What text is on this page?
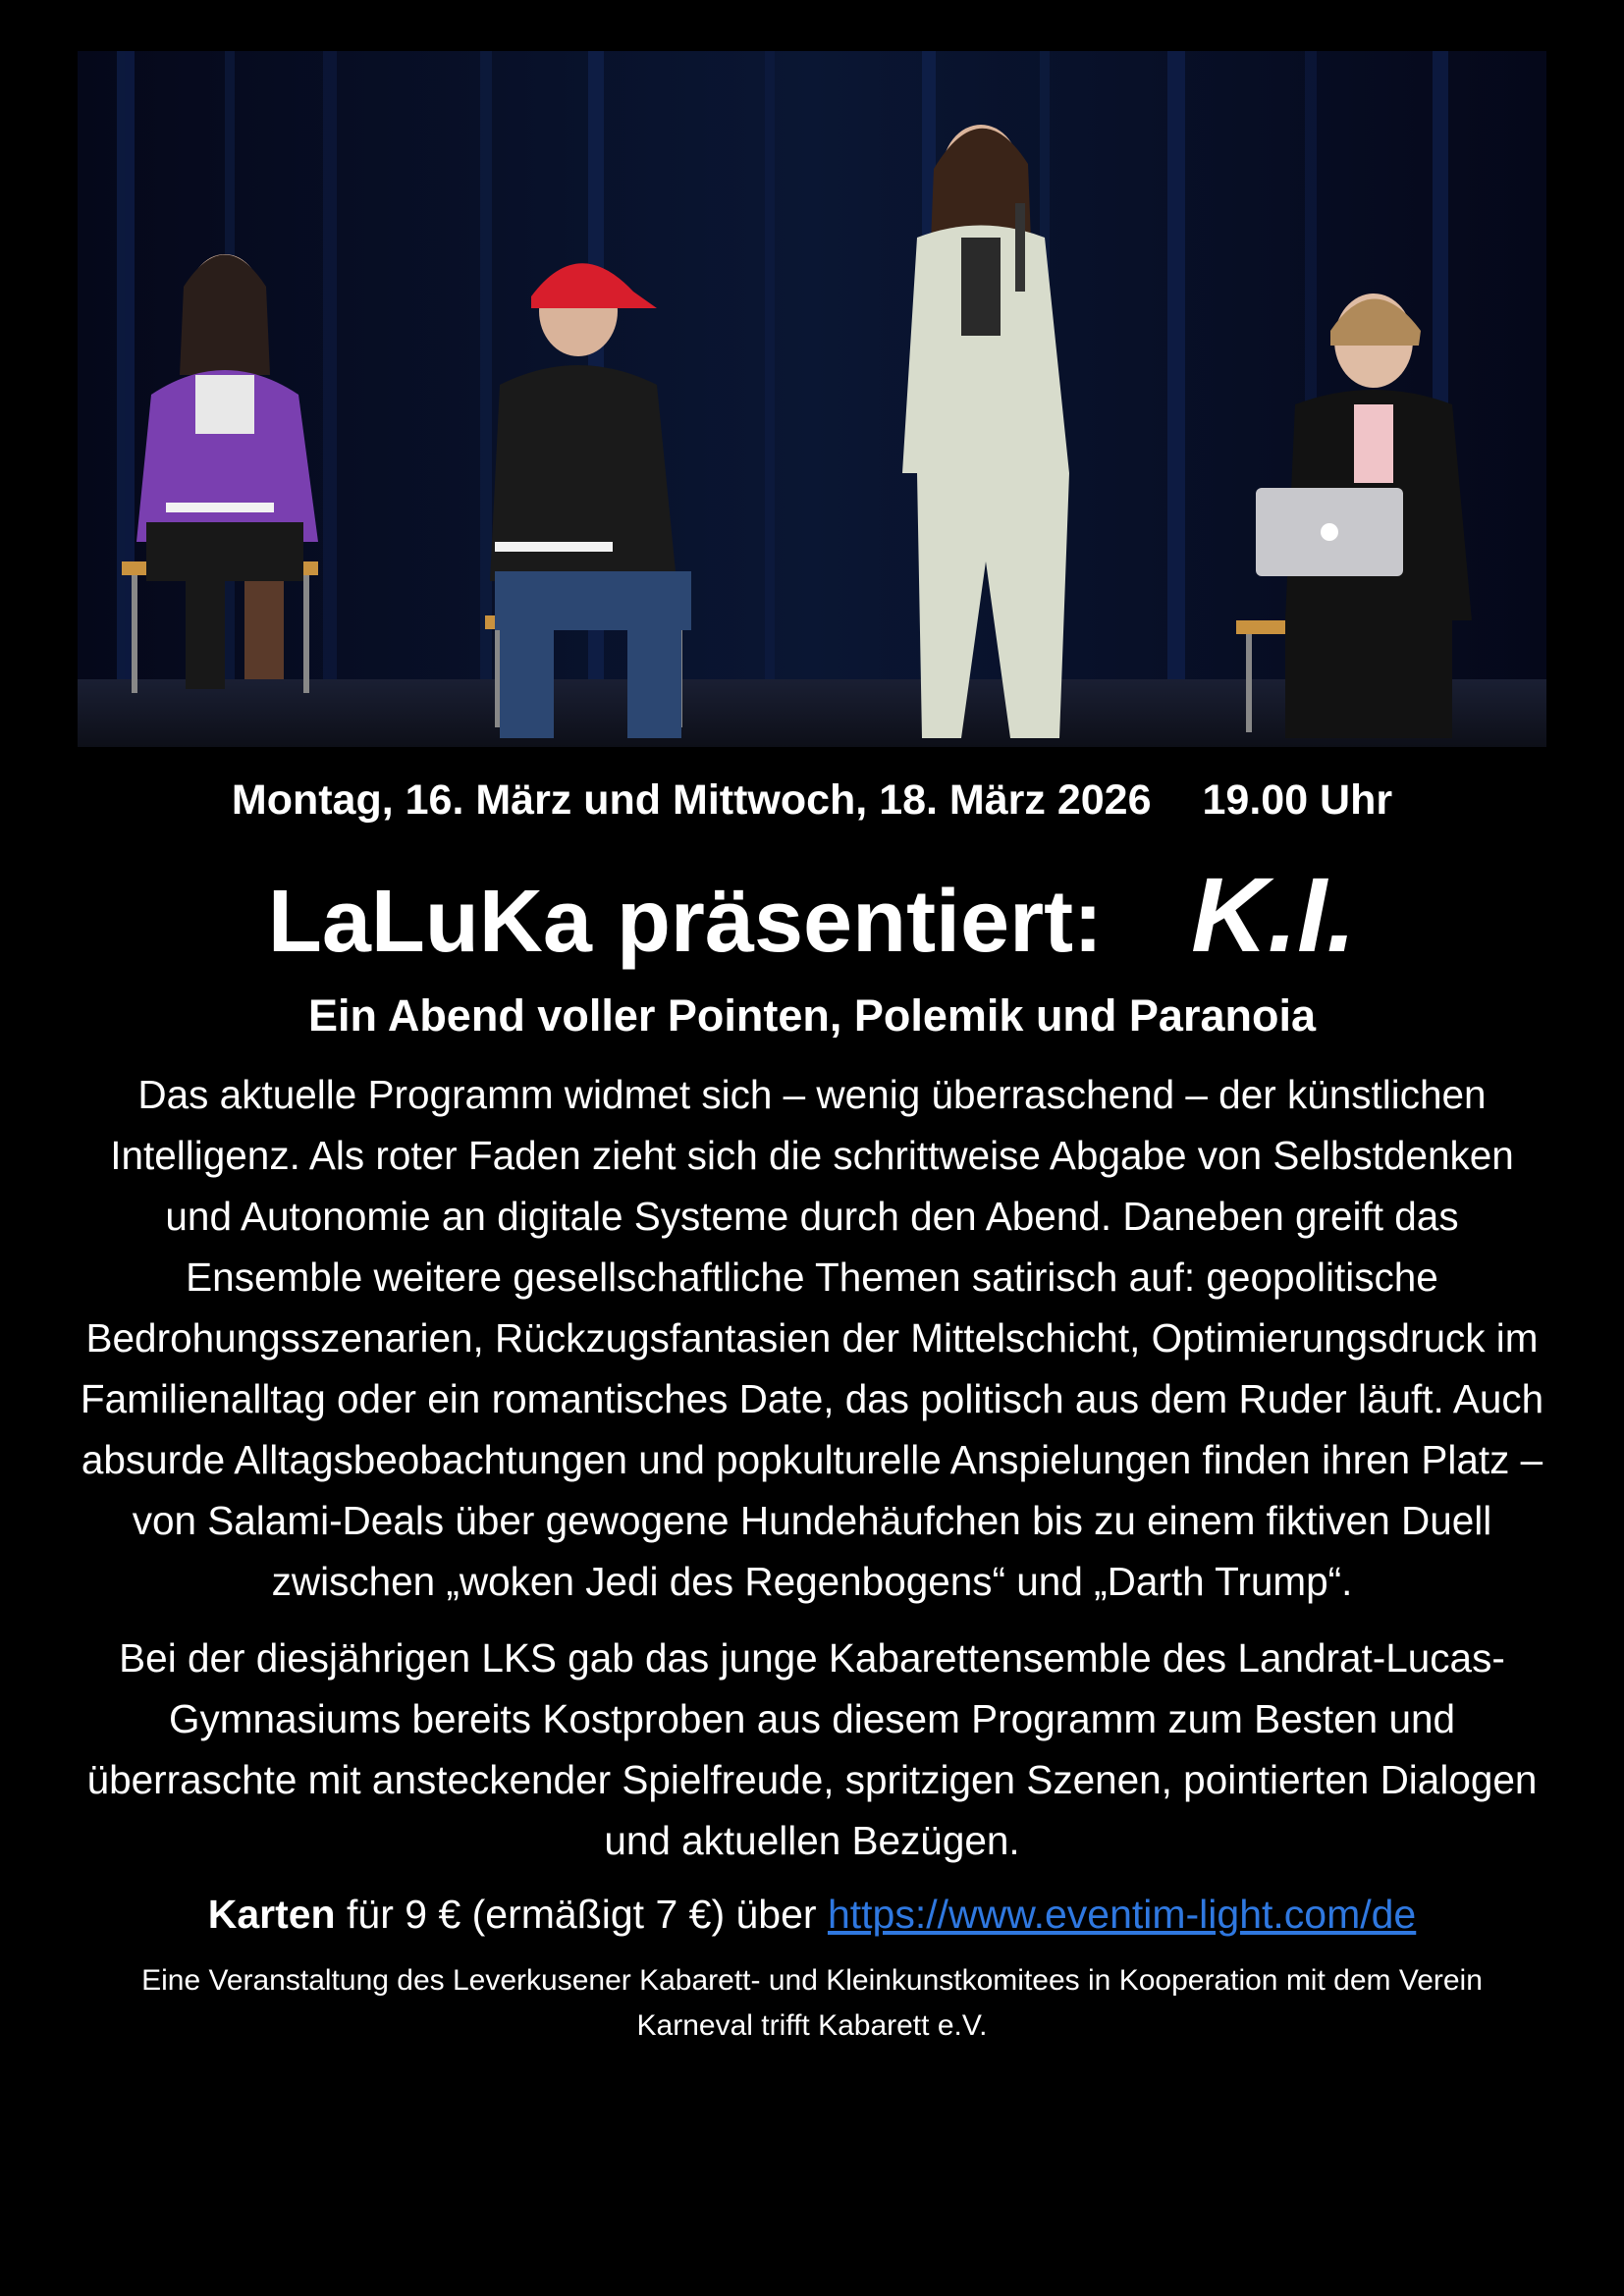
Montag, 16. März und Mittwoch, 18. März 2026 19.00 Uhr

LaLuKa präsentiert: K.I.
Ein Abend voller Pointen, Polemik und Paranoia

Das aktuelle Programm widmet sich – wenig überraschend – der künstlichen Intelligenz. Als roter Faden zieht sich die schrittweise Abgabe von Selbstdenken und Autonomie an digitale Systeme durch den Abend. Daneben greift das Ensemble weitere gesellschaftliche Themen satirisch auf: geopolitische Bedrohungsszenarien, Rückzugsfantasien der Mittelschicht, Optimierungsdruck im Familienalltag oder ein romantisches Date, das politisch aus dem Ruder läuft. Auch absurde Alltagsbeobachtungen und popkulturelle Anspielungen finden ihren Platz – von Salami-Deals über gewogene Hundehäufchen bis zu einem fiktiven Duell zwischen „woken Jedi des Regenbogens“ und „Darth Trump“.

Bei der diesjährigen LKS gab das junge Kabarettensemble des Landrat-Lucas-Gymnasiums bereits Kostproben aus diesem Programm zum Besten und überraschte mit ansteckender Spielfreude, spritzigen Szenen, pointierten Dialogen und aktuellen Bezügen.

Karten für 9 € (ermäßigt 7 €) über https://www.eventim-light.com/de

Eine Veranstaltung des Leverkusener Kabarett- und Kleinkunstkomitees in Kooperation mit dem Verein Karneval trifft Kabarett e.V.
